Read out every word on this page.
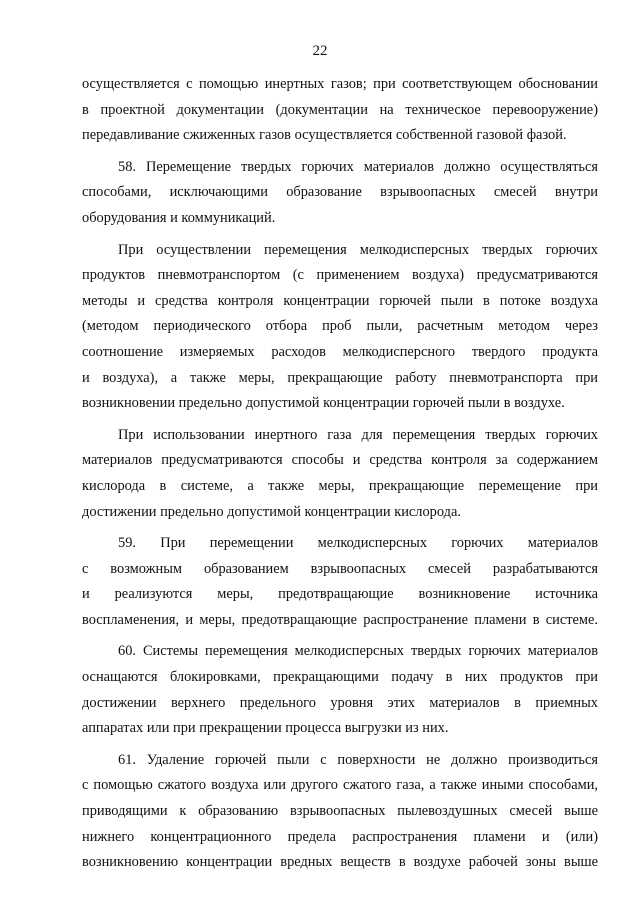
22
осуществляется с помощью инертных газов; при соответствующем обосновании
в проектной документации (документации на техническое перевооружение)
передавливание сжиженных газов осуществляется собственной газовой фазой.
58. Перемещение твердых горючих материалов должно осуществляться
способами, исключающими образование взрывоопасных смесей внутри
оборудования и коммуникаций.
При осуществлении перемещения мелкодисперсных твердых горючих
продуктов пневмотранспортом (с применением воздуха) предусматриваются
методы и средства контроля концентрации горючей пыли в потоке воздуха
(методом периодического отбора проб пыли, расчетным методом через
соотношение измеряемых расходов мелкодисперсного твердого продукта
и воздуха), а также меры, прекращающие работу пневмотранспорта при
возникновении предельно допустимой концентрации горючей пыли в воздухе.
При использовании инертного газа для перемещения твердых горючих
материалов предусматриваются способы и средства контроля за содержанием
кислорода в системе, а также меры, прекращающие перемещение при
достижении предельно допустимой концентрации кислорода.
59. При перемещении мелкодисперсных горючих материалов
с возможным образованием взрывоопасных смесей разрабатываются
и реализуются меры, предотвращающие возникновение источника
воспламенения, и меры, предотвращающие распространение пламени в системе.
60. Системы перемещения мелкодисперсных твердых горючих материалов
оснащаются блокировками, прекращающими подачу в них продуктов при
достижении верхнего предельного уровня этих материалов в приемных
аппаратах или при прекращении процесса выгрузки из них.
61. Удаление горючей пыли с поверхности не должно производиться
с помощью сжатого воздуха или другого сжатого газа, а также иными способами,
приводящими к образованию взрывоопасных пылевоздушных смесей выше
нижнего концентрационного предела распространения пламени и (или)
возникновению концентрации вредных веществ в воздухе рабочей зоны выше
